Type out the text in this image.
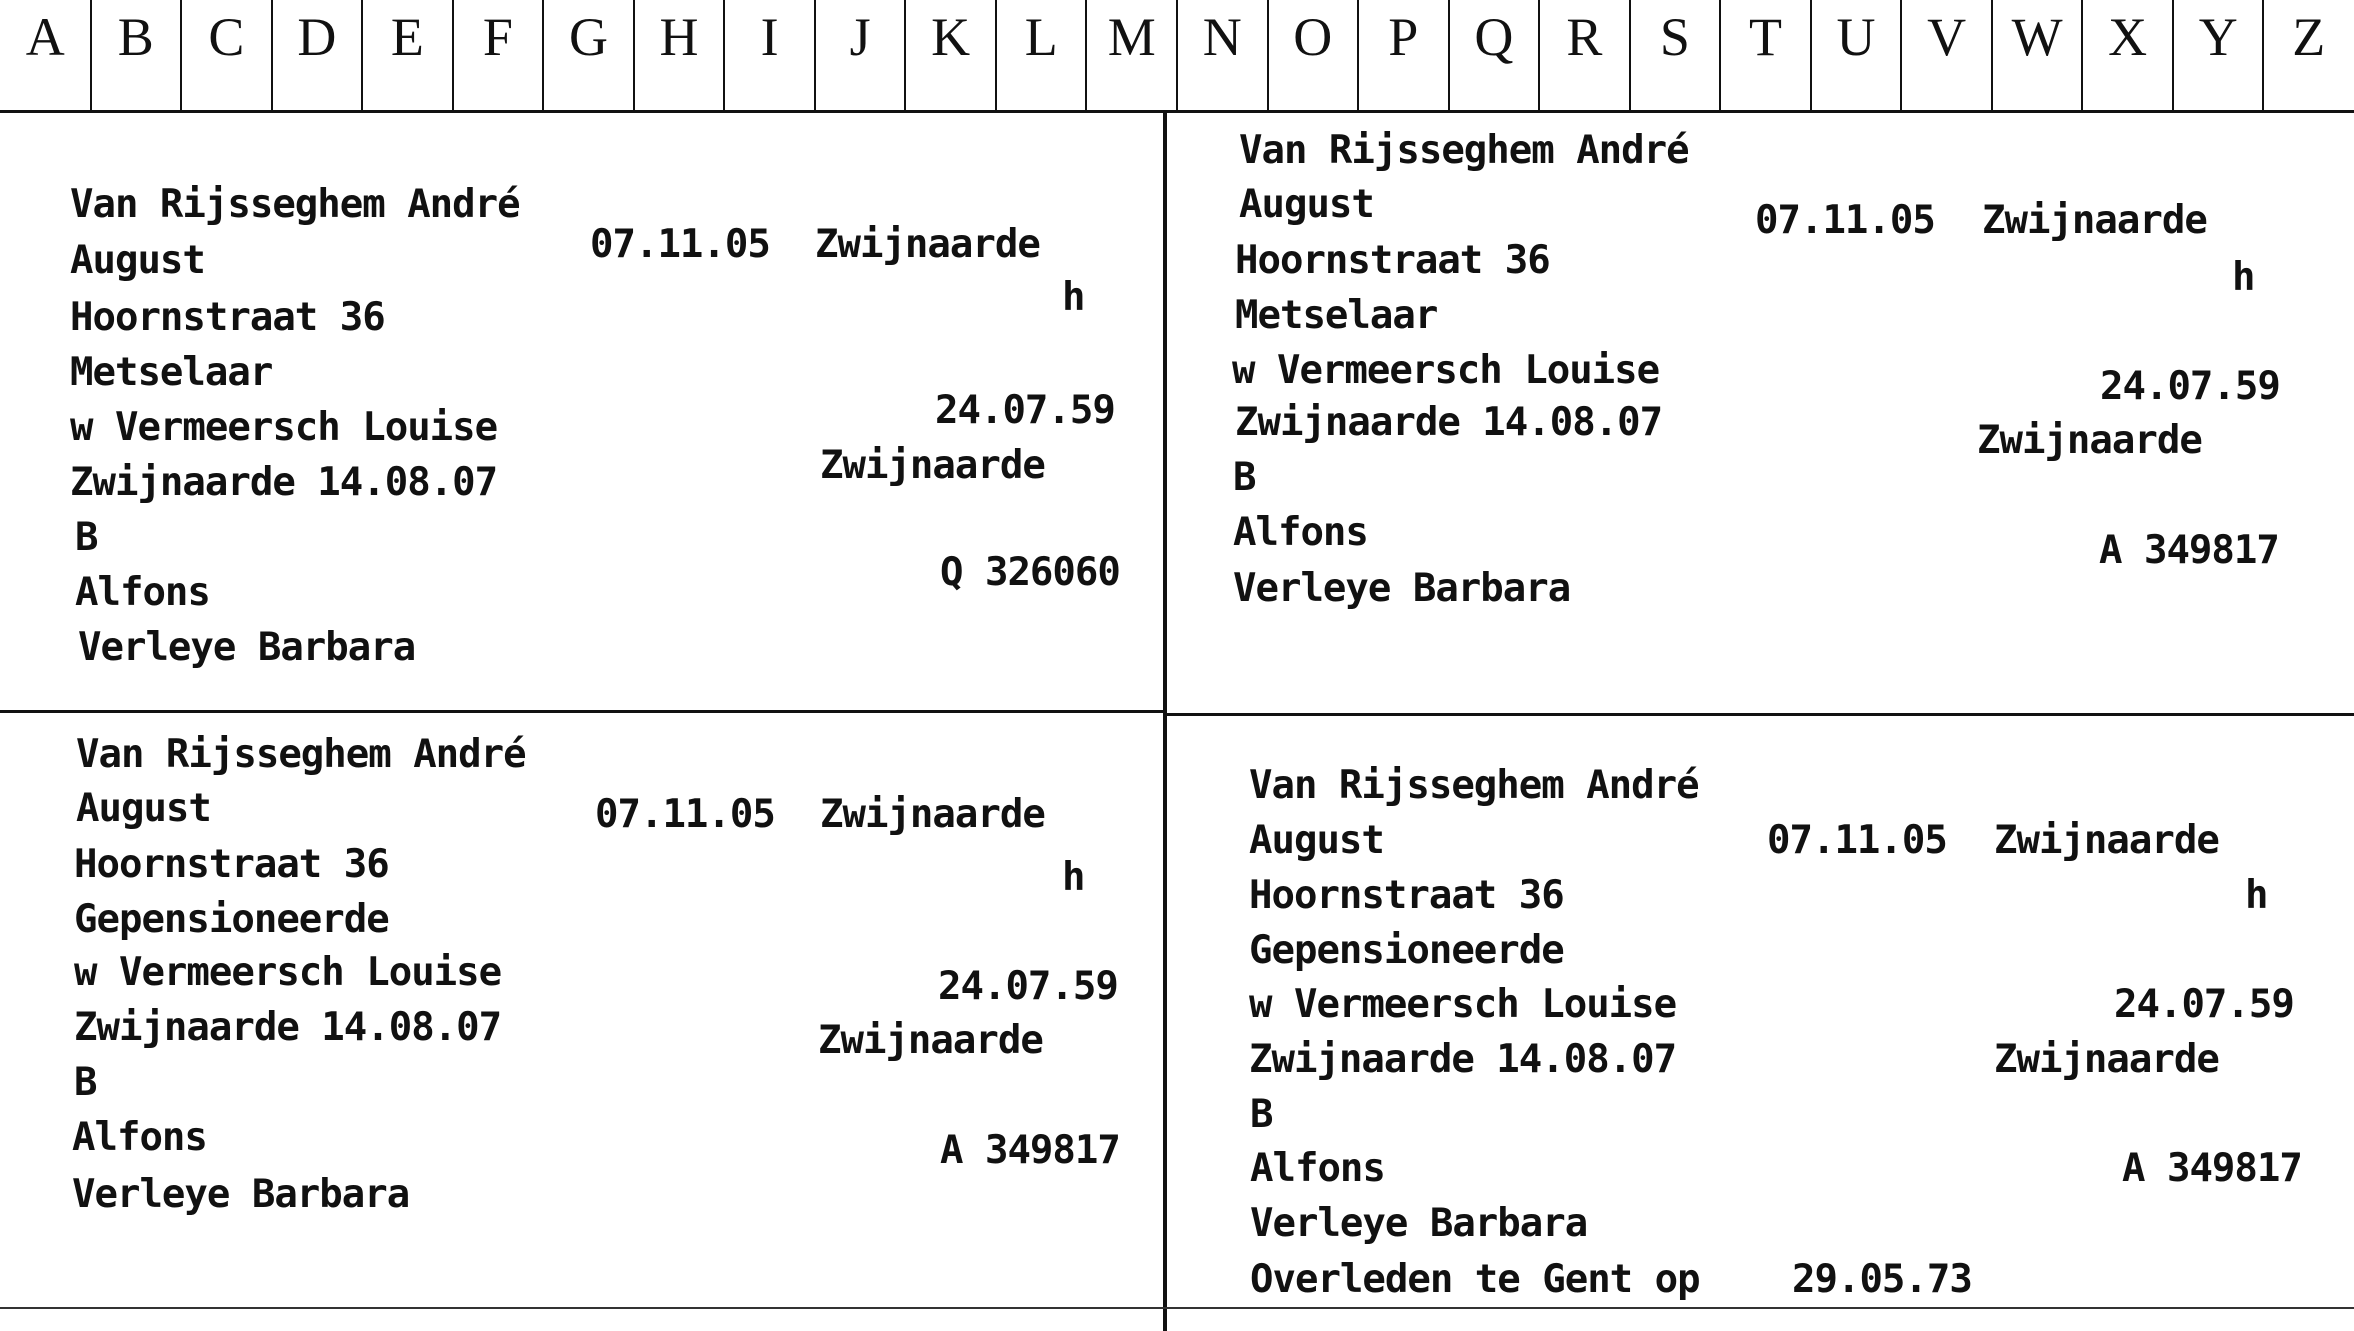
A B	C D	E	F	G H	I	J	K	L M N O	P	Q R	S	T	U V W X Y	Z
Van Rijsseghem André
August	07.11.05 Zwijnaarde
Hoornstraat 36	h
Metselaar
w Vermeersch Louise	24.07.59
Zwijnaarde 14.08.07	Zwijnaarde
B
Alfons	Q 326060
Verleye Barbara
Van Rijsseghem André
August	07.11.05 Zwijnaarde
Hoornstraat 36	h
Metselaar
w Vermeersch Louise	24.07.59
Zwijnaarde 14.08.07	Zwijnaarde
B
Alfons	A 349817
Verleye Barbara
Van Rijsseghem André
August	07.11.05 Zwijnaarde
Hoornstraat 36	h
Gepensioneerde
w Vermeersch Louise	24.07.59
Zwijnaarde 14.08.07	Zwijnaarde
B
Alfons	A 349817
Verleye Barbara
Van Rijsseghem André
August	07.11.05 Zwijnaarde
Hoornstraat 36	h
Gepensioneerde
w Vermeersch Louise	24.07.59
Zwijnaarde 14.08.07	Zwijnaarde
B
Alfons	A 349817
Verleye Barbara
Overleden te Gent op 29.05.73
